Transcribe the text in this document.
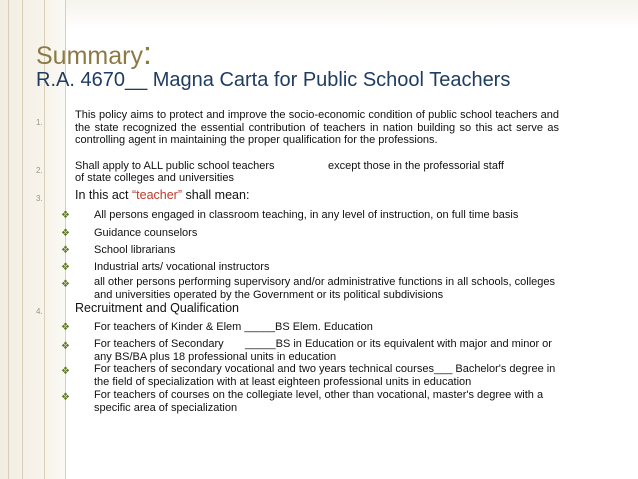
Summary:
R.A. 4670__ Magna Carta for Public School Teachers
1.
This policy aims to protect and improve the socio-economic condition of public school teachers and the state recognized the essential contribution of teachers in nation building so this act serve as controlling agent in maintaining the proper qualification for the professions.
2.	Shall apply to ALL public school teachers	except those in the professorial staff
of state colleges and universities
3.	In this act “teacher” shall mean:
❖ All persons engaged in classroom teaching, in any level of instruction, on full time basis
❖ Guidance counselors
❖ School librarians
❖ Industrial arts/ vocational instructors
❖ all other persons performing supervisory and/or administrative functions in all schools, colleges and universities operated by the Government or its political subdivisions
4.	Recruitment and Qualification
❖ For teachers of Kinder & Elem _____BS Elem. Education
❖ For teachers of Secondary       _____BS in Education or its equivalent with major and minor or any BS/BA plus 18 professional units in education
❖ For teachers of secondary vocational and two years technical courses___ Bachelor's degree in the field of specialization with at least eighteen professional units in education
❖ For teachers of courses on the collegiate level, other than vocational, master's degree with a specific area of specialization
